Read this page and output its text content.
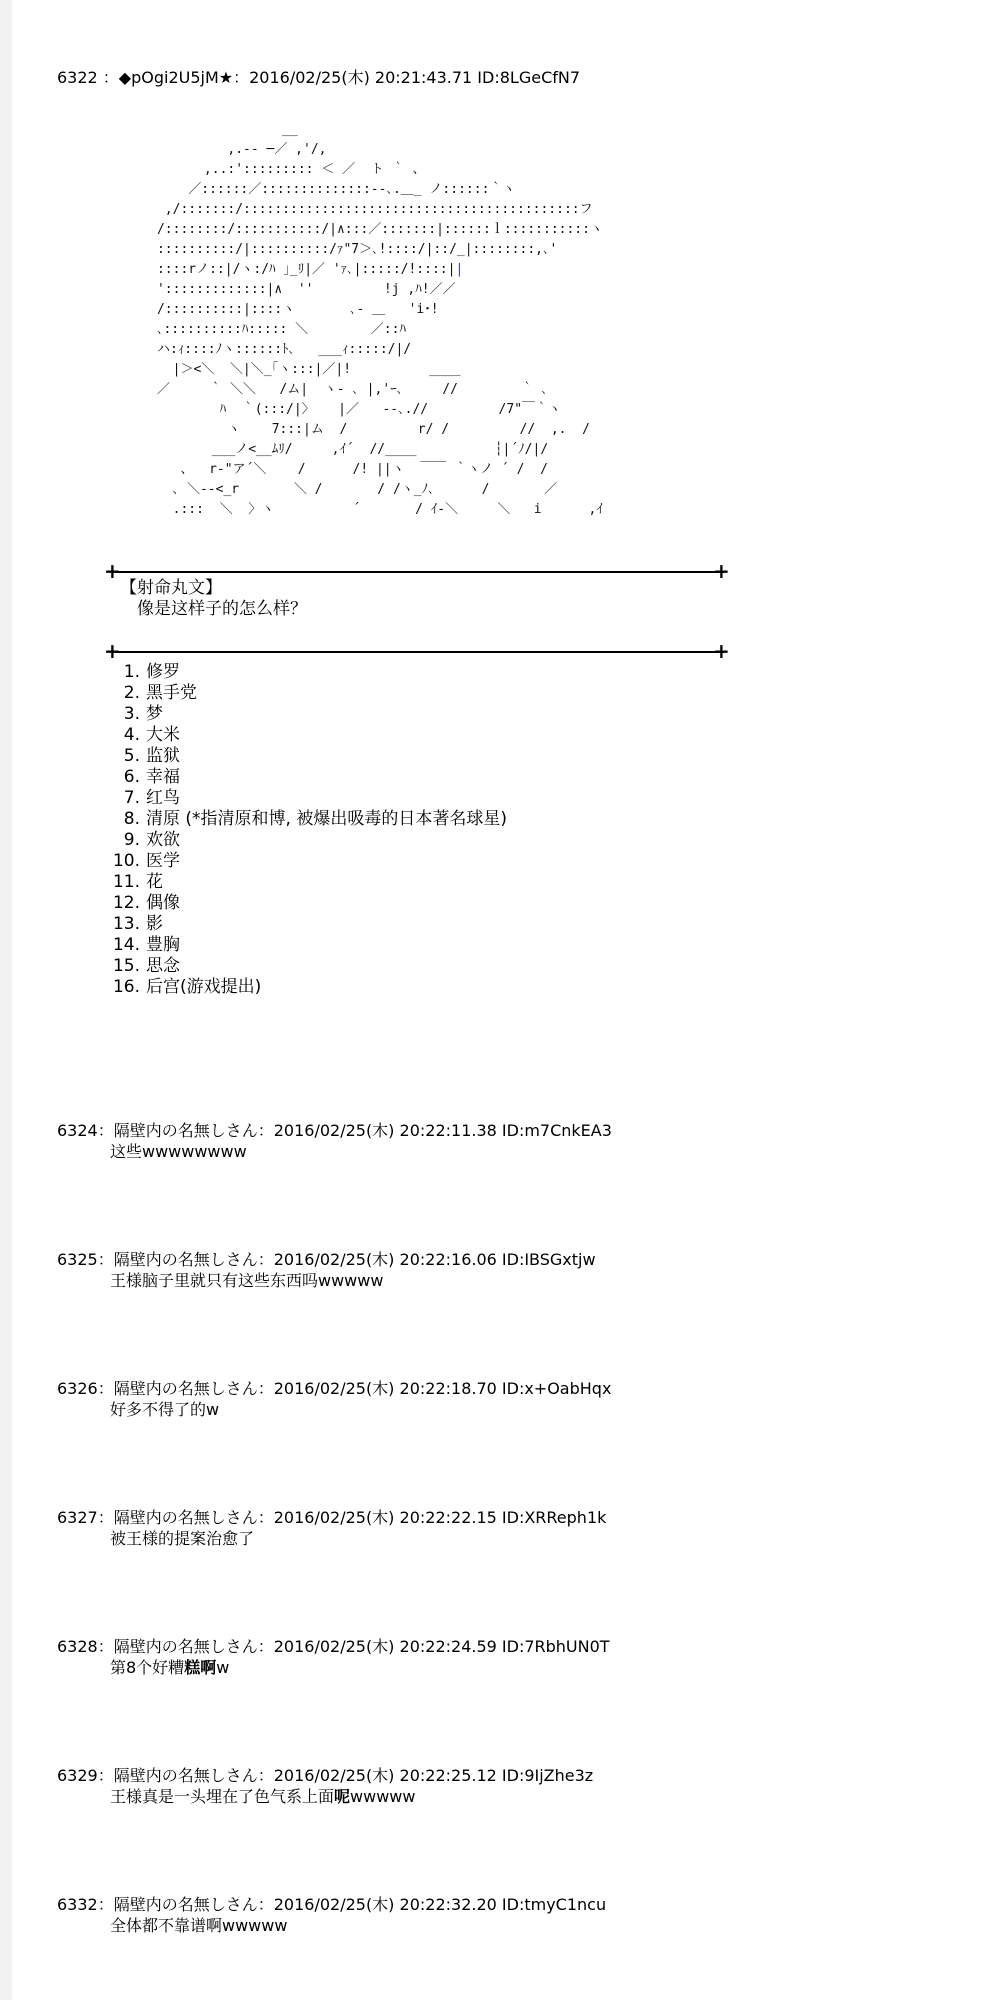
6322 ：◆pOgi2U5jM★：2016/02/25(木) 20:21:43.71 ID:8LGeCfN7
__
,.-‐ ─／ ,'/,
,..:'::::::::: ＜ ／  ト ｀ 、
／::::::／::::::::::::::‐-､.＿_ ノ::::::｀ヽ
,/:::::::/:::::::::::::::::::::::::::::::::::::::::::フ
/::::::::/:::::::::::/|∧:::／:::::::|::::::ｌ:::::::::::ヽ
::::::::::/|::::::::::/ｧ"7＞､!::::/|::/_|::::::::,､'
::::rノ::|/ヽ:/ﾊ ｣_ﾘ|／ 'ｧ､|:::::/!::::||
':::::::::::::|∧  ''         !j ,ﾊ!／／
/::::::::::|::::ヽ       ､- ＿   'i･!
､::::::::::ﾊ::::: ＼        ／::ﾊ
ハ:ｨ::::ﾉヽ::::::ﾄ､   ___ｨ:::::/|/
|＞<＼  ＼|＼_｢ヽ:::|／|!          ____
／     ｀ ＼＼   /ム|  ヽ- ､ |,'ｰ､     //        ｀ ､
ﾊ  ｀(:::/|〉   |／   ‐-､.//         /7"￣｀ヽ
ヽ    7:::|ム  /         r/ /         //  ,.  /
___ノ<__ﾑﾘ/     ,ｲ´  //____          ┆|´ﾉ/|/
、  r‐"ア´＼    /      /! ||ヽ  ￣￣ ｀ヽノ ´ /  /
､ ＼-‐<_r       ＼ /       / /ヽ_ﾉ､      /       ／
.:::  ＼  〉ヽ          ´       / ｲ-＼     ＼   i      ,ｲ
+	+
【射命丸文】
像是这样子的怎么样？
+	+
1. 修罗
2. 黑手党
3. 梦
4. 大米
5. 监狱
6. 幸福
7. 红鸟
8. 清原 (*指清原和博, 被爆出吸毒的日本著名球星)
9. 欢欲
10. 医学
11. 花
12. 偶像
13. 影
14. 豊胸
15. 思念
16. 后宫(游戏提出)
6324：隔壁内の名無しさん：2016/02/25(木) 20:22:11.38 ID:m7CnkEA3
这些wwwwwwww
6325：隔壁内の名無しさん：2016/02/25(木) 20:22:16.06 ID:IBSGxtjw
王様脑子里就只有这些东西吗wwwww
6326：隔壁内の名無しさん：2016/02/25(木) 20:22:18.70 ID:x+OabHqx
好多不得了的w
6327：隔壁内の名無しさん：2016/02/25(木) 20:22:22.15 ID:XRReph1k
被王様的提案治愈了
6328：隔壁内の名無しさん：2016/02/25(木) 20:22:24.59 ID:7RbhUN0T
第8个好糟糕啊w
6329：隔壁内の名無しさん：2016/02/25(木) 20:22:25.12 ID:9IjZhe3z
王様真是一头埋在了色气系上面呢wwwww
6332：隔壁内の名無しさん：2016/02/25(木) 20:22:32.20 ID:tmyC1ncu
全体都不靠谱啊wwwww
